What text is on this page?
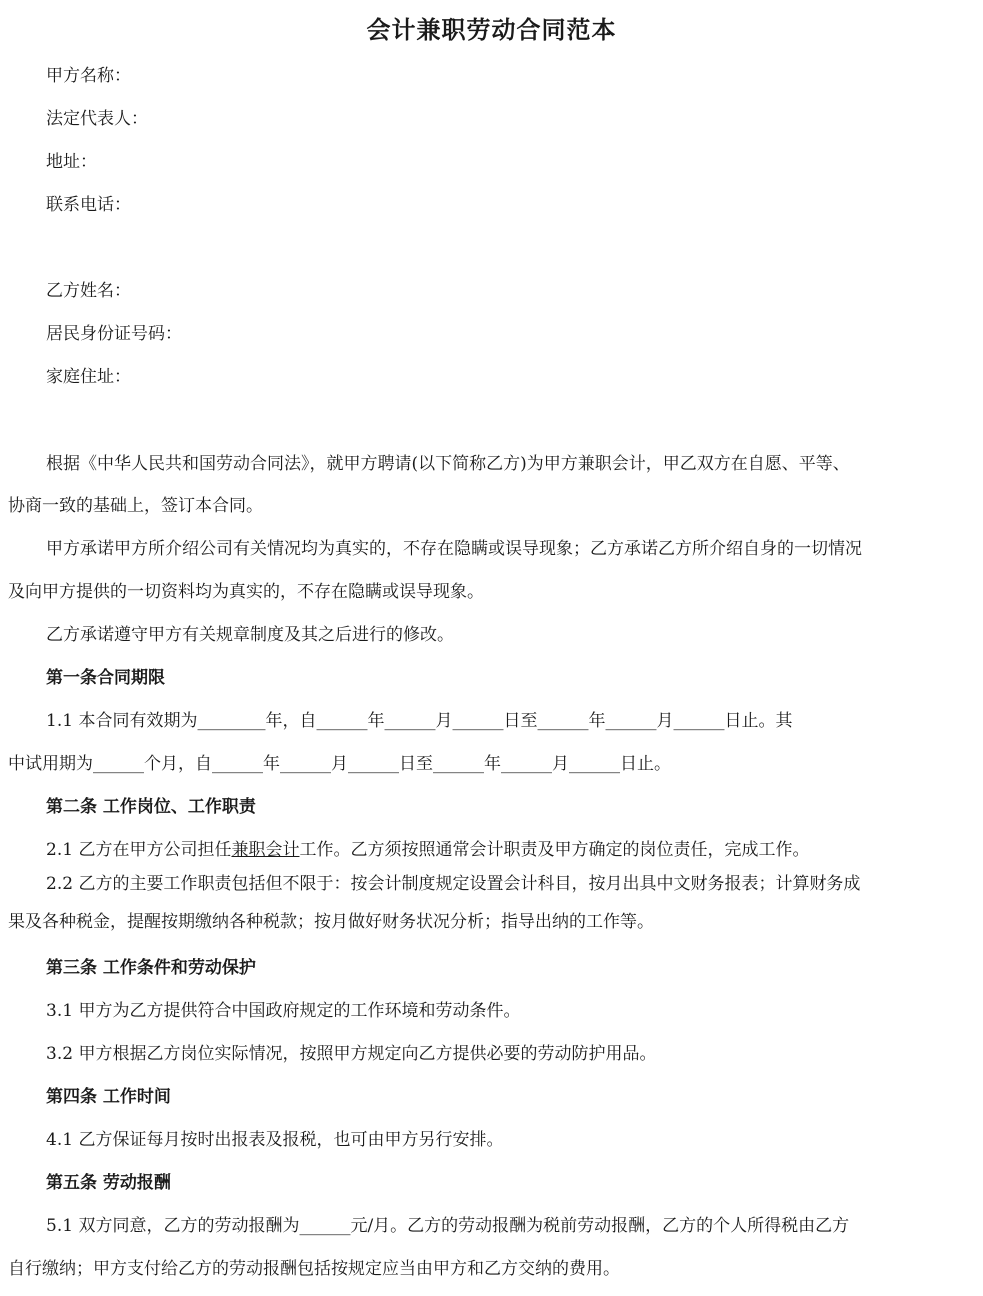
会计兼职劳动合同范本
甲方名称：
法定代表人：
地址：
联系电话：
乙方姓名：
居民身份证号码：
家庭住址：
根据《中华人民共和国劳动合同法》，就甲方聘请(以下简称乙方)为甲方兼职会计，甲乙双方在自愿、平等、
协商一致的基础上，签订本合同。
甲方承诺甲方所介绍公司有关情况均为真实的，不存在隐瞒或误导现象；乙方承诺乙方所介绍自身的一切情况
及向甲方提供的一切资料均为真实的，不存在隐瞒或误导现象。
乙方承诺遵守甲方有关规章制度及其之后进行的修改。
第一条合同期限
1.1 本合同有效期为________年，自______年______月______日至______年______月______日止。其
中试用期为______个月，自______年______月______日至______年______月______日止。
第二条 工作岗位、工作职责
2.1 乙方在甲方公司担任兼职会计工作。乙方须按照通常会计职责及甲方确定的岗位责任，完成工作。
2.2 乙方的主要工作职责包括但不限于：按会计制度规定设置会计科目，按月出具中文财务报表；计算财务成
果及各种税金，提醒按期缴纳各种税款；按月做好财务状况分析；指导出纳的工作等。
第三条 工作条件和劳动保护
3.1 甲方为乙方提供符合中国政府规定的工作环境和劳动条件。
3.2 甲方根据乙方岗位实际情况，按照甲方规定向乙方提供必要的劳动防护用品。
第四条 工作时间
4.1 乙方保证每月按时出报表及报税，也可由甲方另行安排。
第五条 劳动报酬
5.1 双方同意，乙方的劳动报酬为______元/月。乙方的劳动报酬为税前劳动报酬，乙方的个人所得税由乙方
自行缴纳；甲方支付给乙方的劳动报酬包括按规定应当由甲方和乙方交纳的费用。
